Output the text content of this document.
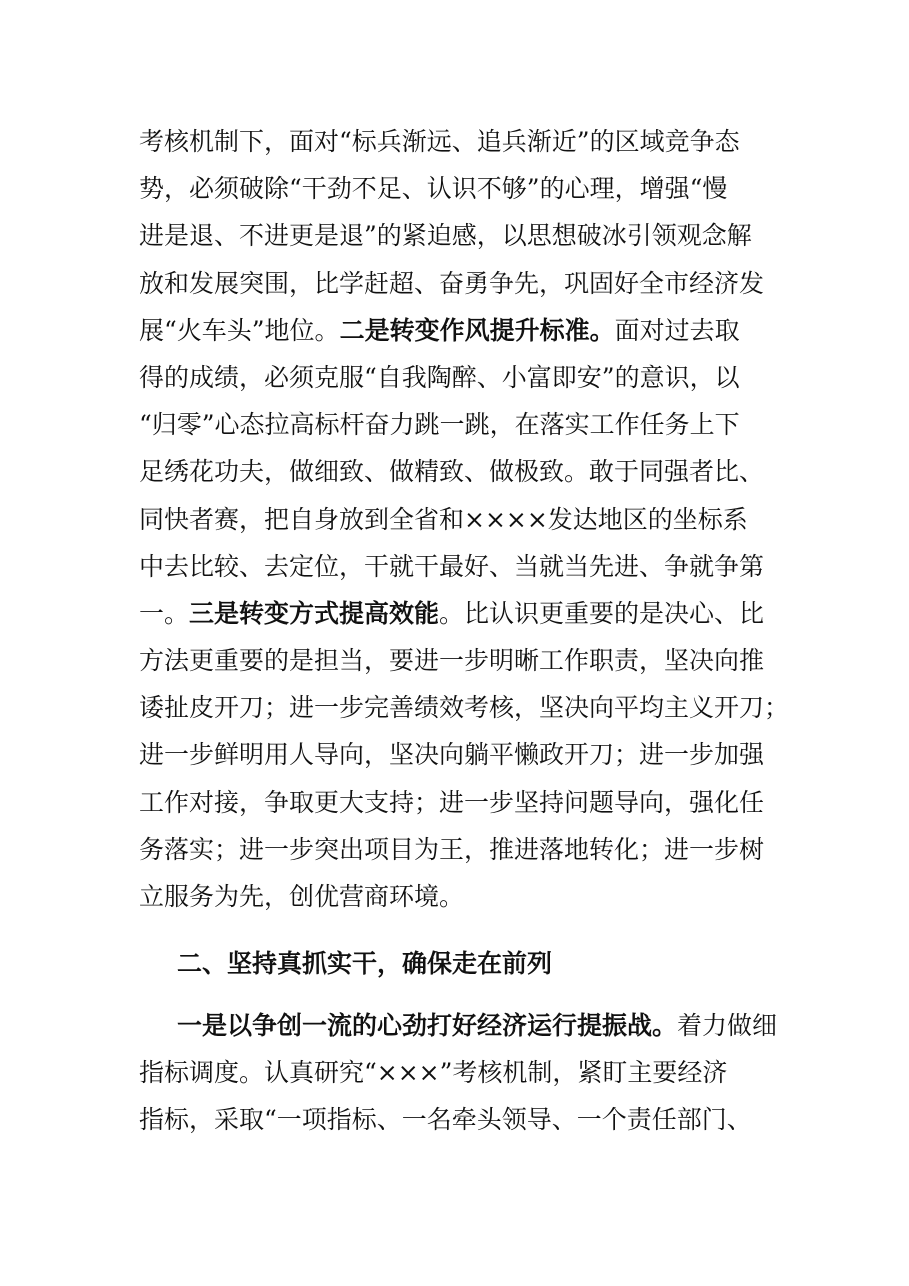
考核机制下，面对“标兵渐远、追兵渐近”的区域竞争态
势，必须破除“干劲不足、认识不够”的心理，增强“慢
进是退、不进更是退”的紧迫感，以思想破冰引领观念解
放和发展突围，比学赶超、奋勇争先，巩固好全市经济发
展“火车头”地位。二是转变作风提升标准。面对过去取
得的成绩，必须克服“自我陶醉、小富即安”的意识，以
“归零”心态拉高标杆奋力跳一跳，在落实工作任务上下
足绣花功夫，做细致、做精致、做极致。敢于同强者比、
同快者赛，把自身放到全省和××××发达地区的坐标系
中去比较、去定位，干就干最好、当就当先进、争就争第
一。三是转变方式提高效能。比认识更重要的是决心、比
方法更重要的是担当，要进一步明晰工作职责，坚决向推
诿扯皮开刀；进一步完善绩效考核，坚决向平均主义开刀；
进一步鲜明用人导向，坚决向躺平懒政开刀；进一步加强
工作对接，争取更大支持；进一步坚持问题导向，强化任
务落实；进一步突出项目为王，推进落地转化；进一步树
立服务为先，创优营商环境。
二、坚持真抓实干，确保走在前列
一是以争创一流的心劲打好经济运行提振战。着力做细
指标调度。认真研究“×××”考核机制，紧盯主要经济
指标，采取“一项指标、一名牵头领导、一个责任部门、
